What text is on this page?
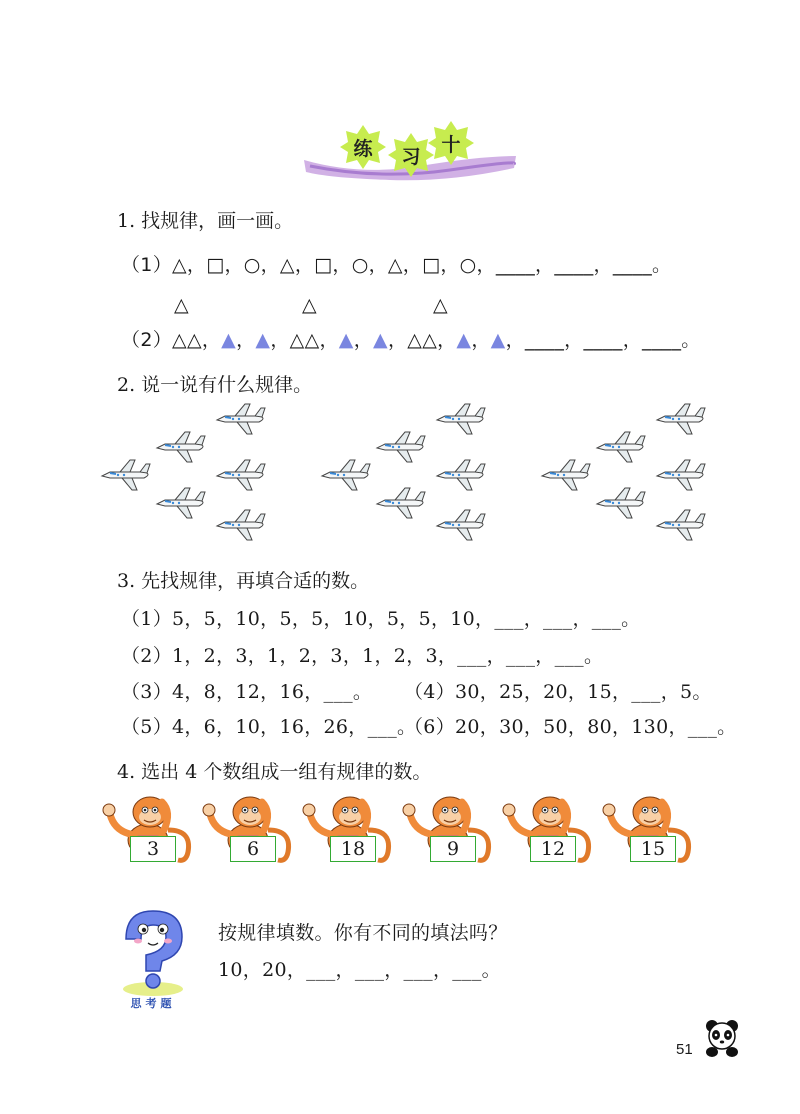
练 习
十
1. 找规律，画一画。
（1）△，□，○，△，□，○，△，□，○，____，____，____。
△	△	△
（2）△△，▲，▲，△△，▲，▲，△△，▲，▲，____，____，____。
2. 说一说有什么规律。
3. 先找规律，再填合适的数。
（1）5，5，10，5，5，10，5，5，10，___，___，___。
（2）1，2，3，1，2，3，1，2，3，___，___，___。
（3）4，8，12，16，___。 （4）30，25，20，15，___，5。
（5）4，6，10，16，26，___。
（6）20，30，50，80，130，___。
4. 选出 4 个数组成一组有规律的数。
3	6	18	9	12	15
思考题
按规律填数。你有不同的填法吗？
10，20，___，___，___，___。
51
